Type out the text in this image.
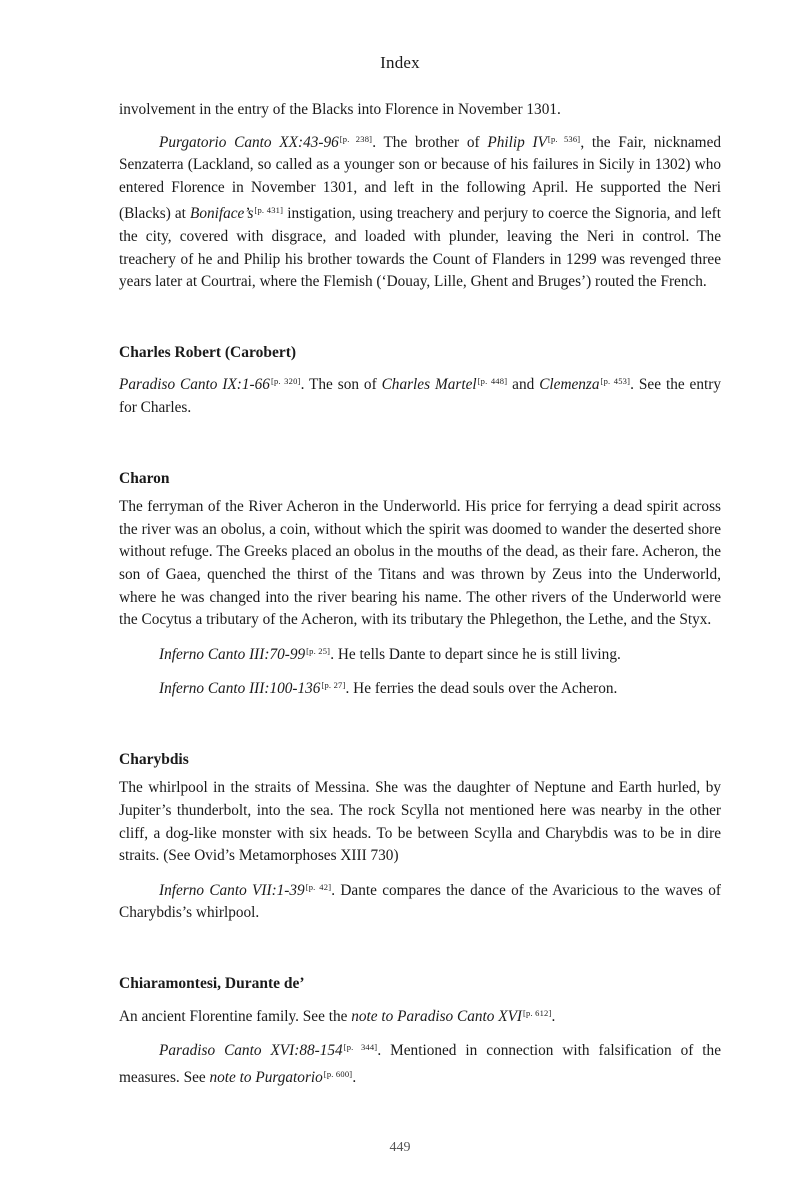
Index

involvement in the entry of the Blacks into Florence in November 1301.

Purgatorio Canto XX:43-96[p. 238]. The brother of Philip IV[p. 536], the Fair, nicknamed Senzaterra (Lackland, so called as a younger son or because of his failures in Sicily in 1302) who entered Florence in November 1301, and left in the following April. He supported the Neri (Blacks) at Boniface’s[p. 431] instigation, using treachery and perjury to coerce the Signoria, and left the city, covered with disgrace, and loaded with plunder, leaving the Neri in control. The treachery of he and Philip his brother towards the Count of Flanders in 1299 was revenged three years later at Courtrai, where the Flemish (‘Douay, Lille, Ghent and Bruges’) routed the French.

Charles Robert (Carobert)

Paradiso Canto IX:1-66[p. 320]. The son of Charles Martel[p. 448] and Clemenza[p. 453]. See the entry for Charles.

Charon

The ferryman of the River Acheron in the Underworld. His price for ferrying a dead spirit across the river was an obolus, a coin, without which the spirit was doomed to wander the deserted shore without refuge. The Greeks placed an obolus in the mouths of the dead, as their fare. Acheron, the son of Gaea, quenched the thirst of the Titans and was thrown by Zeus into the Underworld, where he was changed into the river bearing his name. The other rivers of the Underworld were the Cocytus a tributary of the Acheron, with its tributary the Phlegethon, the Lethe, and the Styx.

Inferno Canto III:70-99[p. 25]. He tells Dante to depart since he is still living.

Inferno Canto III:100-136[p. 27]. He ferries the dead souls over the Acheron.

Charybdis

The whirlpool in the straits of Messina. She was the daughter of Neptune and Earth hurled, by Jupiter’s thunderbolt, into the sea. The rock Scylla not mentioned here was nearby in the other cliff, a dog-like monster with six heads. To be between Scylla and Charybdis was to be in dire straits. (See Ovid’s Metamorphoses XIII 730)

Inferno Canto VII:1-39[p. 42]. Dante compares the dance of the Avaricious to the waves of Charybdis’s whirlpool.

Chiaramontesi, Durante de’

An ancient Florentine family. See the note to Paradiso Canto XVI[p. 612].

Paradiso Canto XVI:88-154[p. 344]. Mentioned in connection with falsification of the measures. See note to Purgatorio[p. 600].

449
